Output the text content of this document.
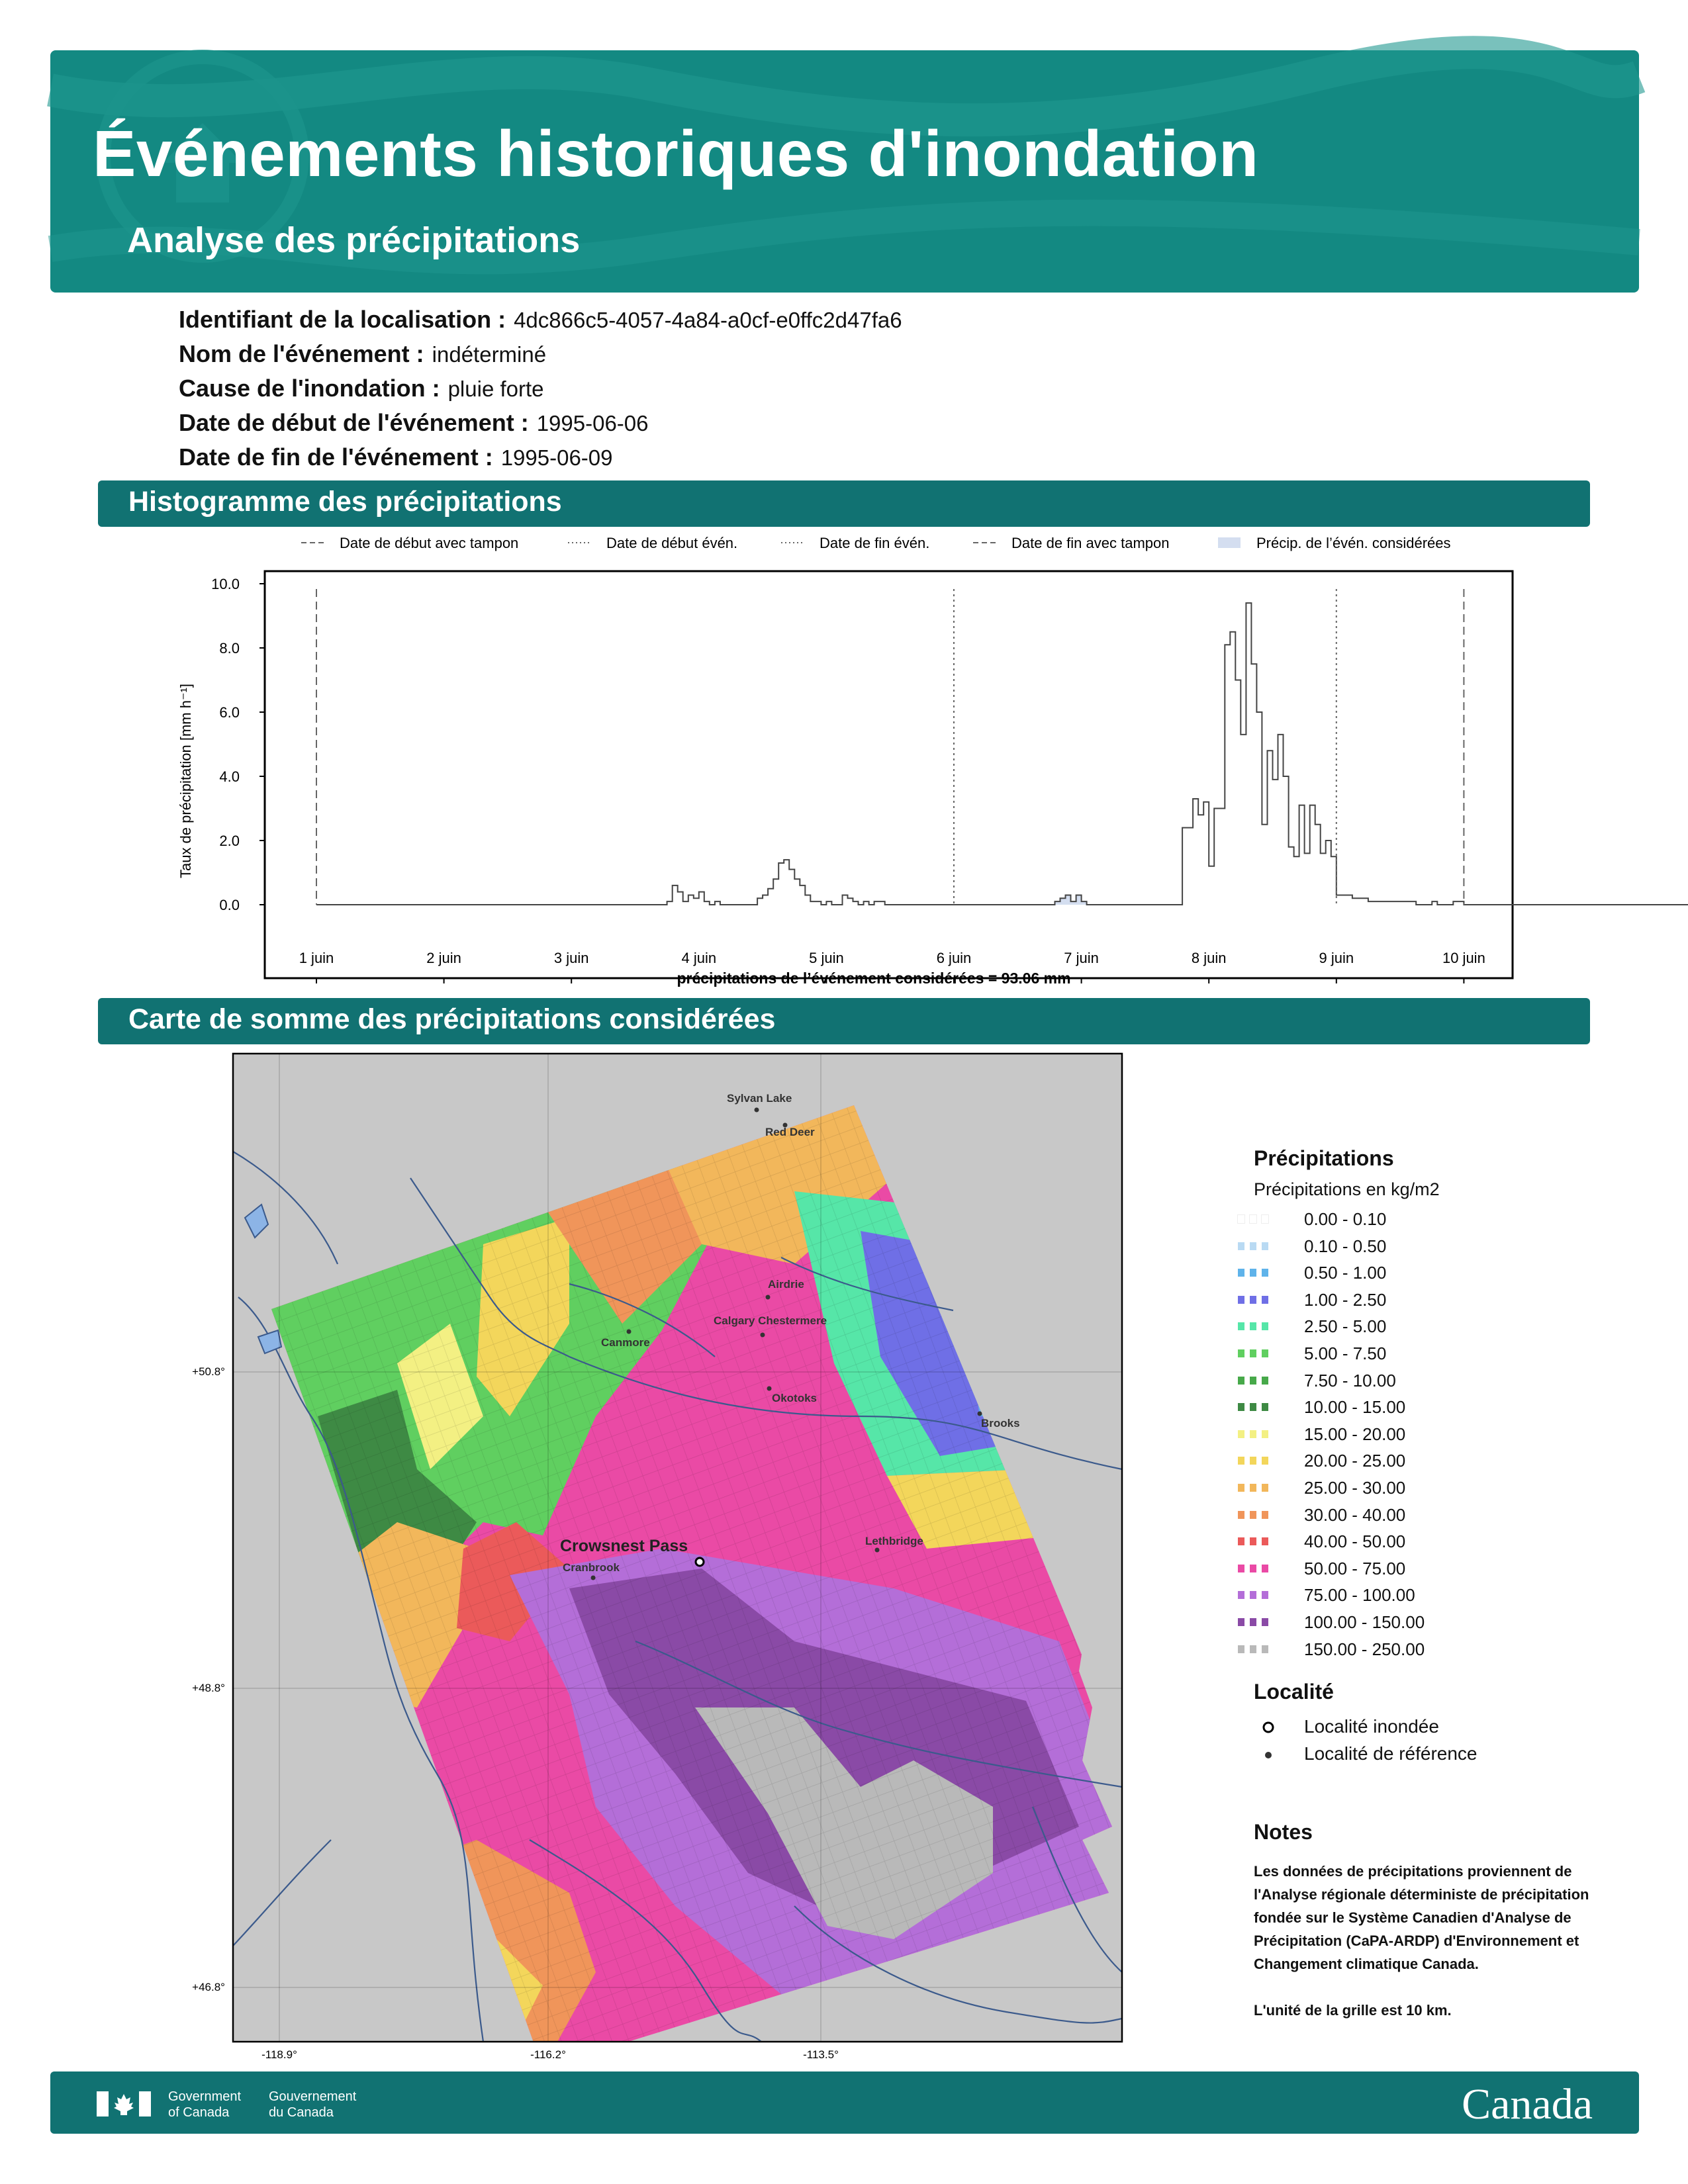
Événements historiques d'inondation
Analyse des précipitations
Identifiant de la localisation : 4dc866c5-4057-4a84-a0cf-e0ffc2d47fa6
Nom de l'événement : indéterminé
Cause de l'inondation : pluie forte
Date de début de l'événement : 1995-06-06
Date de fin de l'événement : 1995-06-09
Histogramme des précipitations
Date de début avec tampon	Date de début évén.	Date de fin évén.	Date de fin avec tampon	Précip. de l’évén. considérées
0.0
2.0
4.0
6.0
8.0
10.0
1 juin	2 juin	3 juin	4 juin	5 juin	6 juin	7 juin	8 juin	9 juin	10 juin
Taux de précipitation [mm h⁻¹]
précipitations de l’événement considérées = 93.06 mm
Carte de somme des précipitations considérées
Sylvan Lake
Red Deer
Airdrie
Canmore
Calgary Chestermere
Okotoks
Brooks
Lethbridge
Cranbrook
Crowsnest Pass
+50.8°
+48.8°
+46.8°
-118.9°	-116.2°	-113.5°
Précipitations
Précipitations en kg/m2
0.00 - 0.10
0.10 - 0.50
0.50 - 1.00
1.00 - 2.50
2.50 - 5.00
5.00 - 7.50
7.50 - 10.00
10.00 - 15.00
15.00 - 20.00
20.00 - 25.00
25.00 - 30.00
30.00 - 40.00
40.00 - 50.00
50.00 - 75.00
75.00 - 100.00
100.00 - 150.00
150.00 - 250.00
Localité
Localité inondée
Localité de référence
Notes
Les données de précipitations proviennent de l'Analyse régionale déterministe de précipitation fondée sur le Système Canadien d'Analyse de Précipitation (CaPA-ARDP) d'Environnement et Changement climatique Canada.
L'unité de la grille est 10 km.
Government of Canada
Gouvernement du Canada	Canada
